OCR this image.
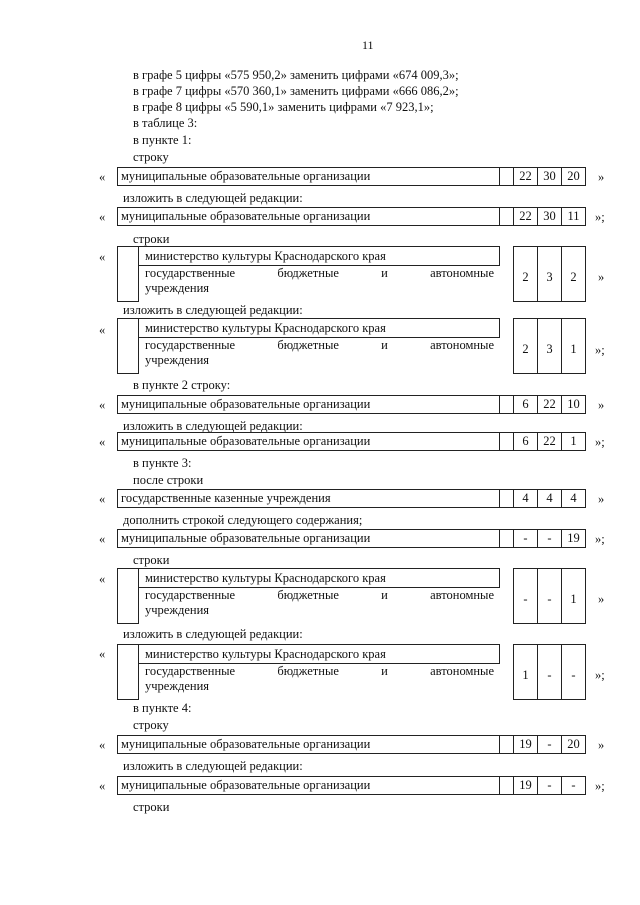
11
в графе 5 цифры «575 950,2» заменить цифрами «674 009,3»;
в графе 7 цифры «570 360,1» заменить цифрами «666 086,2»;
в графе 8 цифры «5 590,1» заменить цифрами «7 923,1»;
в таблице 3:
в пункте 1:
строку
«	муниципальные образовательные организации	22 30 20	»
изложить в следующей редакции:
«	муниципальные образовательные организации	22 30 11	»;
строки
«	министерство культуры Краснодарского края
государственные	бюджетные	и	автономные
учреждения
2	3	2	»
изложить в следующей редакции:
«	министерство культуры Краснодарского края
государственные	бюджетные	и	автономные
учреждения
2	3	1	»;
в пункте 2 строку:
«	муниципальные образовательные организации	6	22 10	»
изложить в следующей редакции:
«	муниципальные образовательные организации	6	22	1	»;
в пункте 3:
после строки
«	государственные казенные учреждения	4	4	4	»
дополнить строкой следующего содержания;
«	муниципальные образовательные организации	-	-	19	»;
строки
«	министерство культуры Краснодарского края
государственные	бюджетные	и	автономные
учреждения
-	-	1	»
изложить в следующей редакции:
«	министерство культуры Краснодарского края
государственные	бюджетные	и	автономные
учреждения
1	-	-	»;
в пункте 4:
строку
«	муниципальные образовательные организации	19	-	20	»
изложить в следующей редакции:
«	муниципальные образовательные организации	19	-	-	»;
строки
